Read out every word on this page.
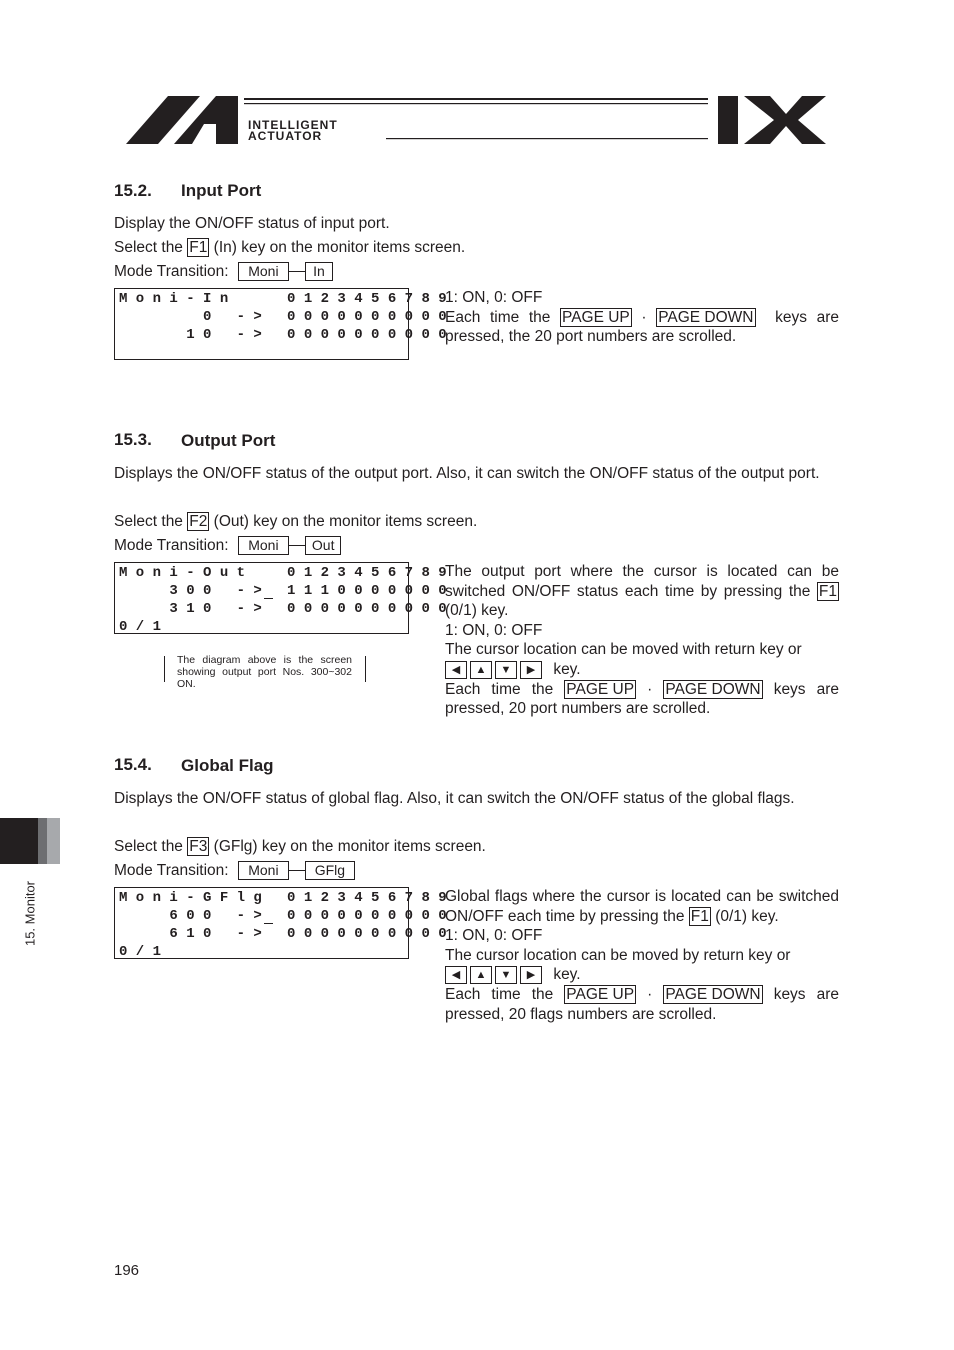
INTELLIGENT
ACTUATOR
15.2. Input Port
Display the ON/OFF status of input port.
Select the F1 (In) key on the monitor items screen.
Mode Transition: Moni In
M o n i - I n       0 1 2 3 4 5 6 7 8 9
0   - >   0 0 0 0 0 0 0 0 0 0
1 0   - >   0 0 0 0 0 0 0 0 0 0
1: ON, 0: OFF
Each time the PAGE UP · PAGE DOWN keys are pressed, the 20 port numbers are scrolled.
15.3. Output Port
Displays the ON/OFF status of the output port. Also, it can switch the ON/OFF status of the output port.
Select the F2 (Out) key on the monitor items screen.
Mode Transition: Moni Out
M o n i - O u t     0 1 2 3 4 5 6 7 8 9
3 0 0   - >   1 1 1 0 0 0 0 0 0 0
3 1 0   - >   0 0 0 0 0 0 0 0 0 0
0 / 1
The diagram above is the screen showing output port Nos. 300~302 ON.
The output port where the cursor is located can be switched ON/OFF status each time by pressing the F1 (0/1) key.
1: ON, 0: OFF
The cursor location can be moved with return key or
◀ ▲ ▼ ▶ key.
Each time the PAGE UP · PAGE DOWN keys are pressed, 20 port numbers are scrolled.
15.4. Global Flag
Displays the ON/OFF status of global flag. Also, it can switch the ON/OFF status of the global flags.
Select the F3 (GFlg) key on the monitor items screen.
Mode Transition: Moni	GFlg
M o n i - G F l g   0 1 2 3 4 5 6 7 8 9
6 0 0   - >   0 0 0 0 0 0 0 0 0 0
6 1 0   - >   0 0 0 0 0 0 0 0 0 0
0 / 1
Global flags where the cursor is located can be switched ON/OFF each time by pressing the F1 (0/1) key.
1: ON, 0: OFF
The cursor location can be moved by return key or
◀ ▲ ▼ ▶ key.
Each time the PAGE UP · PAGE DOWN keys are pressed, 20 flags numbers are scrolled.
15. Monitor
196
